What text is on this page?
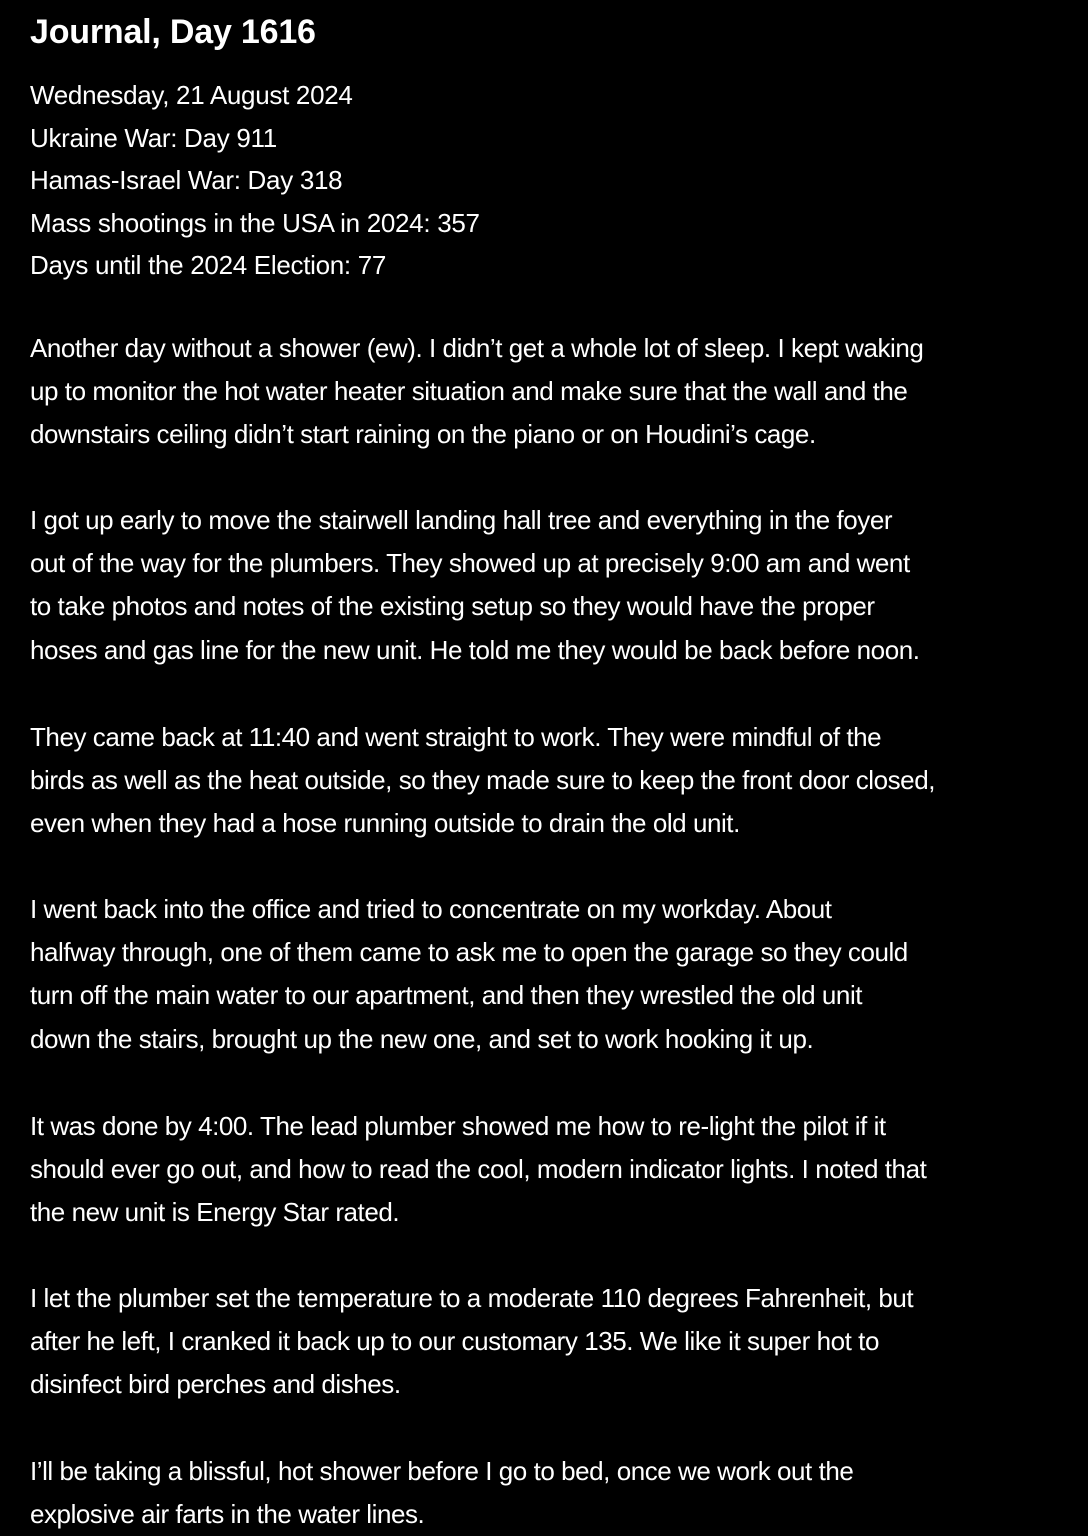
Journal, Day 1616
Wednesday, 21 August 2024
Ukraine War: Day 911
Hamas-Israel War: Day 318
Mass shootings in the USA in 2024: 357
Days until the 2024 Election: 77

Another day without a shower (ew). I didn’t get a whole lot of sleep. I kept waking
up to monitor the hot water heater situation and make sure that the wall and the
downstairs ceiling didn’t start raining on the piano or on Houdini’s cage.

I got up early to move the stairwell landing hall tree and everything in the foyer
out of the way for the plumbers. They showed up at precisely 9:00 am and went
to take photos and notes of the existing setup so they would have the proper
hoses and gas line for the new unit. He told me they would be back before noon.

They came back at 11:40 and went straight to work. They were mindful of the
birds as well as the heat outside, so they made sure to keep the front door closed,
even when they had a hose running outside to drain the old unit.

I went back into the office and tried to concentrate on my workday. About
halfway through, one of them came to ask me to open the garage so they could
turn off the main water to our apartment, and then they wrestled the old unit
down the stairs, brought up the new one, and set to work hooking it up.

It was done by 4:00. The lead plumber showed me how to re-light the pilot if it
should ever go out, and how to read the cool, modern indicator lights. I noted that
the new unit is Energy Star rated.

I let the plumber set the temperature to a moderate 110 degrees Fahrenheit, but
after he left, I cranked it back up to our customary 135. We like it super hot to
disinfect bird perches and dishes.

I’ll be taking a blissful, hot shower before I go to bed, once we work out the
explosive air farts in the water lines.
